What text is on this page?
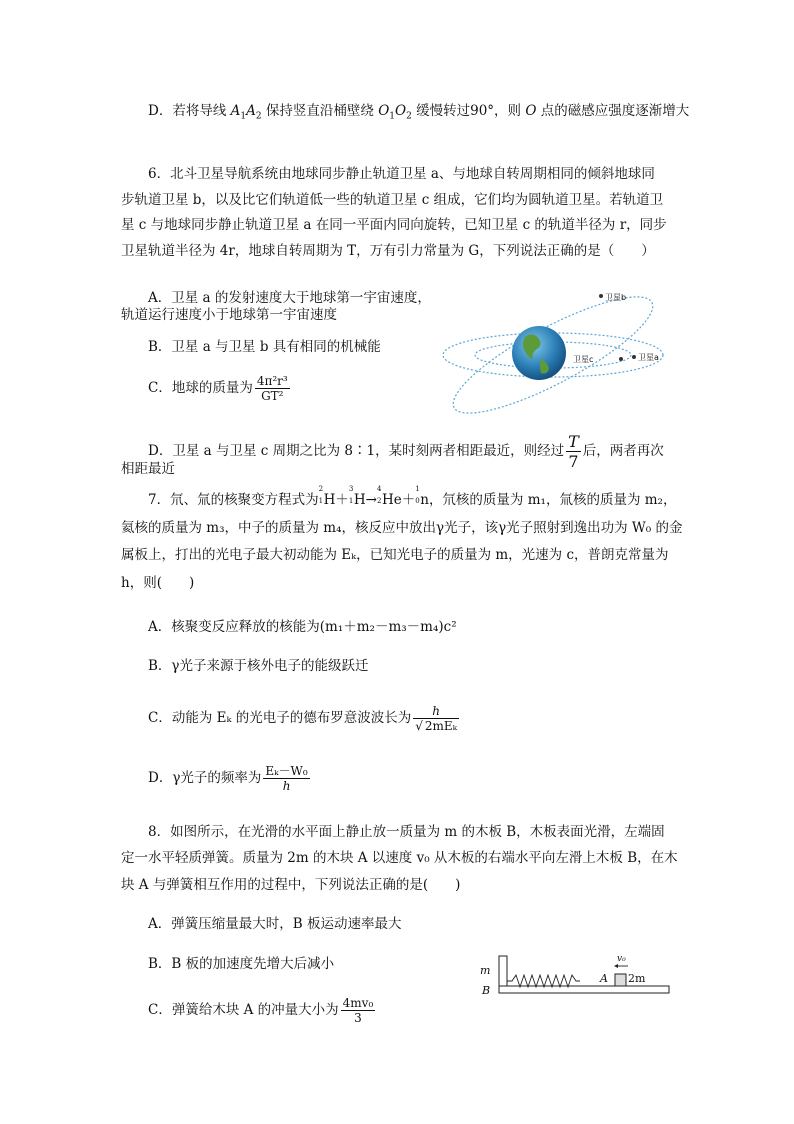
D．若将导线 $A_1A_2$ 保持竖直沿桶壁绕 $O_1O_2$ 缓慢转过90°，则 O 点的磁感应强度逐渐增大
6．北斗卫星导航系统由地球同步静止轨道卫星 a、与地球自转周期相同的倾斜地球同
步轨道卫星 b，以及比它们轨道低一些的轨道卫星 c 组成，它们均为圆轨道卫星。若轨道卫
星 c 与地球同步静止轨道卫星 a 在同一平面内同向旋转，已知卫星 c 的轨道半径为 r，同步
卫星轨道半径为 4r，地球自转周期为 T，万有引力常量为 G，下列说法正确的是（　　）
A．卫星 a 的发射速度大于地球第一宇宙速度，
轨道运行速度小于地球第一宇宙速度
B．卫星 a 与卫星 b 具有相同的机械能
C．地球的质量为 $\frac{\text{4π²r³}}{\text{GT²}}$
D．卫星 a 与卫星 c 周期之比为 8∶1，某时刻两者相距最近，则经过 $\frac{T}{7}$ 后，两者再次
相距最近
卫星b
卫星c	卫星a
7．氘、氚的核聚变方程式为
2
1 H＋
3
1 H→
4
2 He＋
1
0 n，氘核的质量为 m₁，氚核的质量为 m₂，
氦核的质量为 m₃，中子的质量为 m₄，核反应中放出γ光子，该γ光子照射到逸出功为 W₀ 的金
属板上，打出的光电子最大初动能为 Eₖ，已知光电子的质量为 m，光速为 c，普朗克常量为
h，则(　　)
A．核聚变反应释放的核能为(m₁＋m₂－m₃－m₄)c²
B．γ光子来源于核外电子的能级跃迁
C．动能为 Eₖ 的光电子的德布罗意波波长为 $\frac{h}{\text{√ 2mEₖ}}$
D．γ光子的频率为 $\frac{\text{Eₖ－W₀}}{h}$
8．如图所示，在光滑的水平面上静止放一质量为 m 的木板 B，木板表面光滑，左端固
定一水平轻质弹簧。质量为 2m 的木块 A 以速度 v₀ 从木板的右端水平向左滑上木板 B，在木
块 A 与弹簧相互作用的过程中，下列说法正确的是(　　)
A．弹簧压缩量最大时，B 板运动速率最大
B．B 板的加速度先增大后减小
C．弹簧给木块 A 的冲量大小为 $\frac{\text{4mv₀}}{3}$
m
B
A 2m
v₀
